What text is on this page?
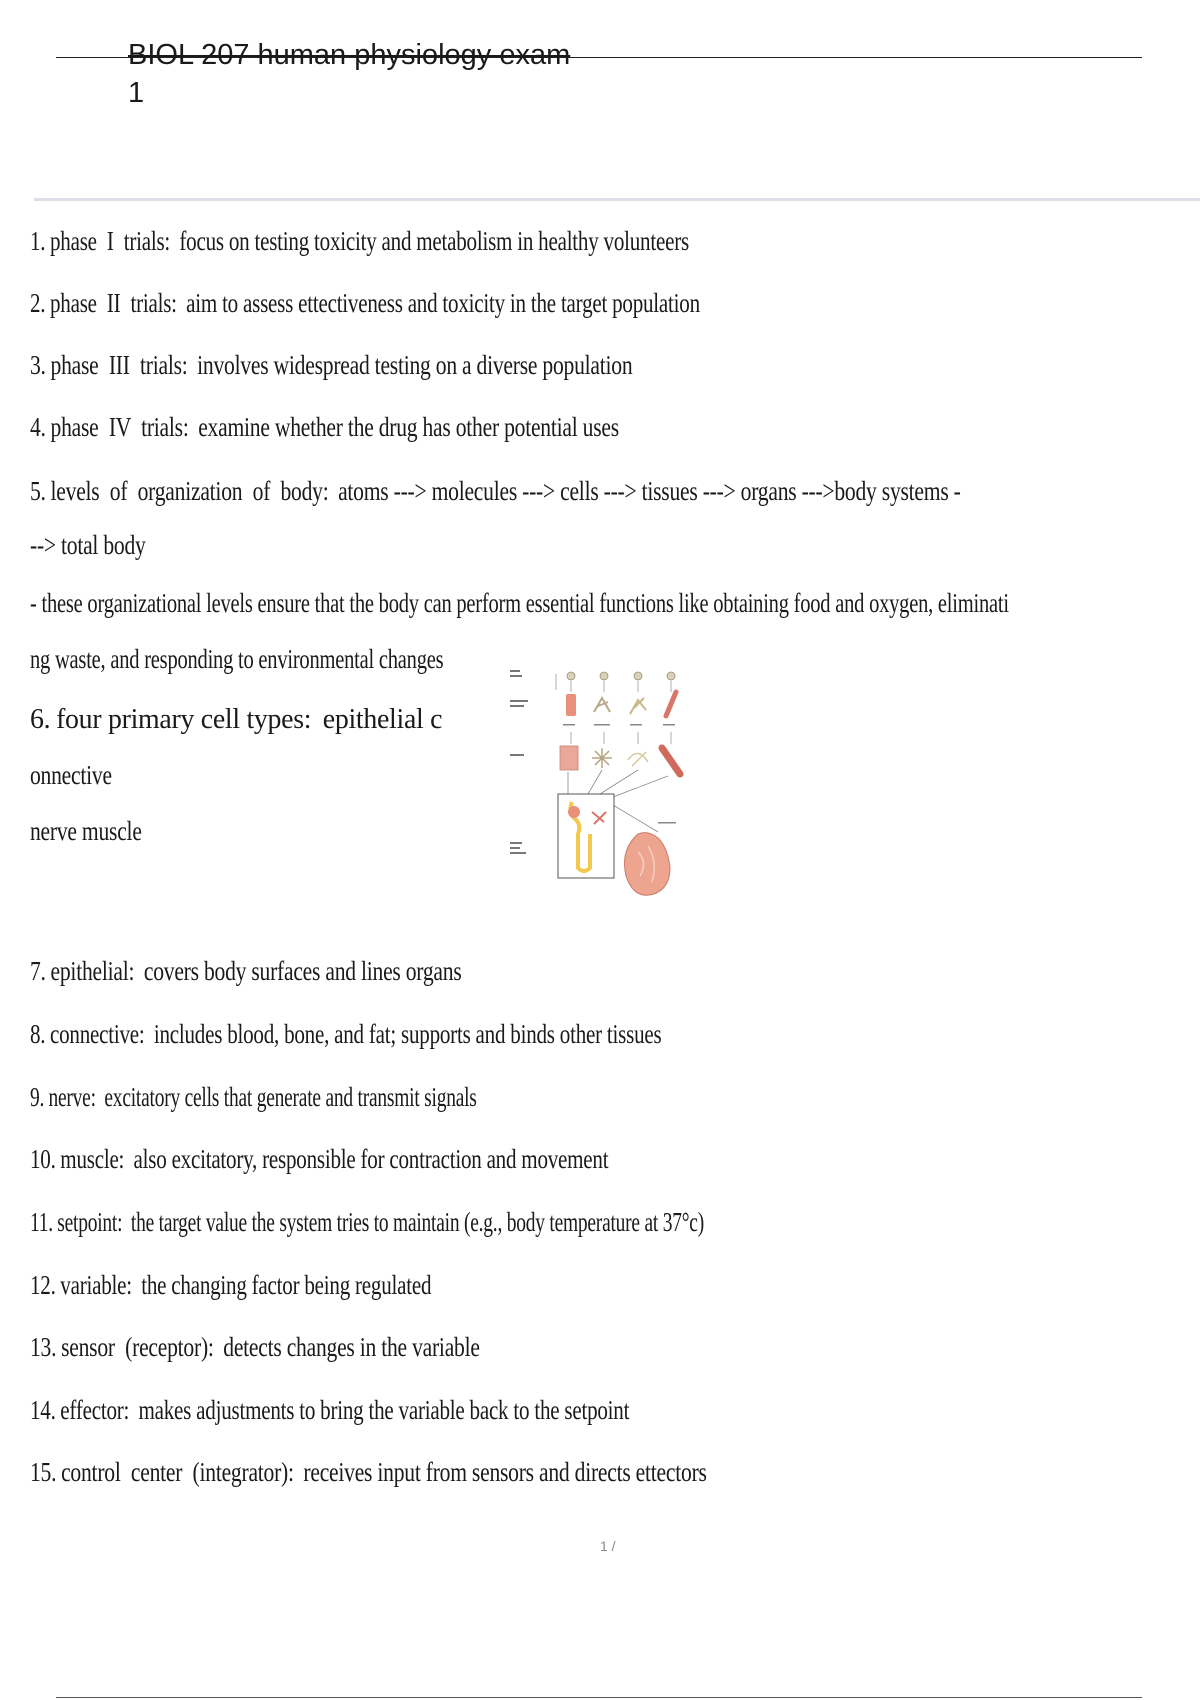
BIOL 207 human physiology exam
1
1. phase  I  trials: focus on testing toxicity and metabolism in healthy volunteers
2. phase  II  trials: aim to assess ettectiveness and toxicity in the target population
3. phase  III  trials: involves widespread testing on a diverse population
4. phase  IV  trials: examine whether the drug has other potential uses
5. levels  of  organization  of  body: atoms ---> molecules ---> cells ---> tissues ---> organs --->body systems -
--> total body
- these organizational levels ensure that the body can perform essential functions like obtaining food and oxygen, eliminati
ng waste, and responding to environmental changes
6. four primary cell types: epithelial c
onnective
nerve muscle
7. epithelial: covers body surfaces and lines organs
8. connective: includes blood, bone, and fat; supports and binds other tissues
9. nerve: excitatory cells that generate and transmit signals
10. muscle: also excitatory, responsible for contraction and movement
11. setpoint: the target value the system tries to maintain (e.g., body temperature at 37°c)
12. variable: the changing factor being regulated
13. sensor  (receptor): detects changes in the variable
14. effector: makes adjustments to bring the variable back to the setpoint
15. control  center  (integrator): receives input from sensors and directs ettectors
1 /
